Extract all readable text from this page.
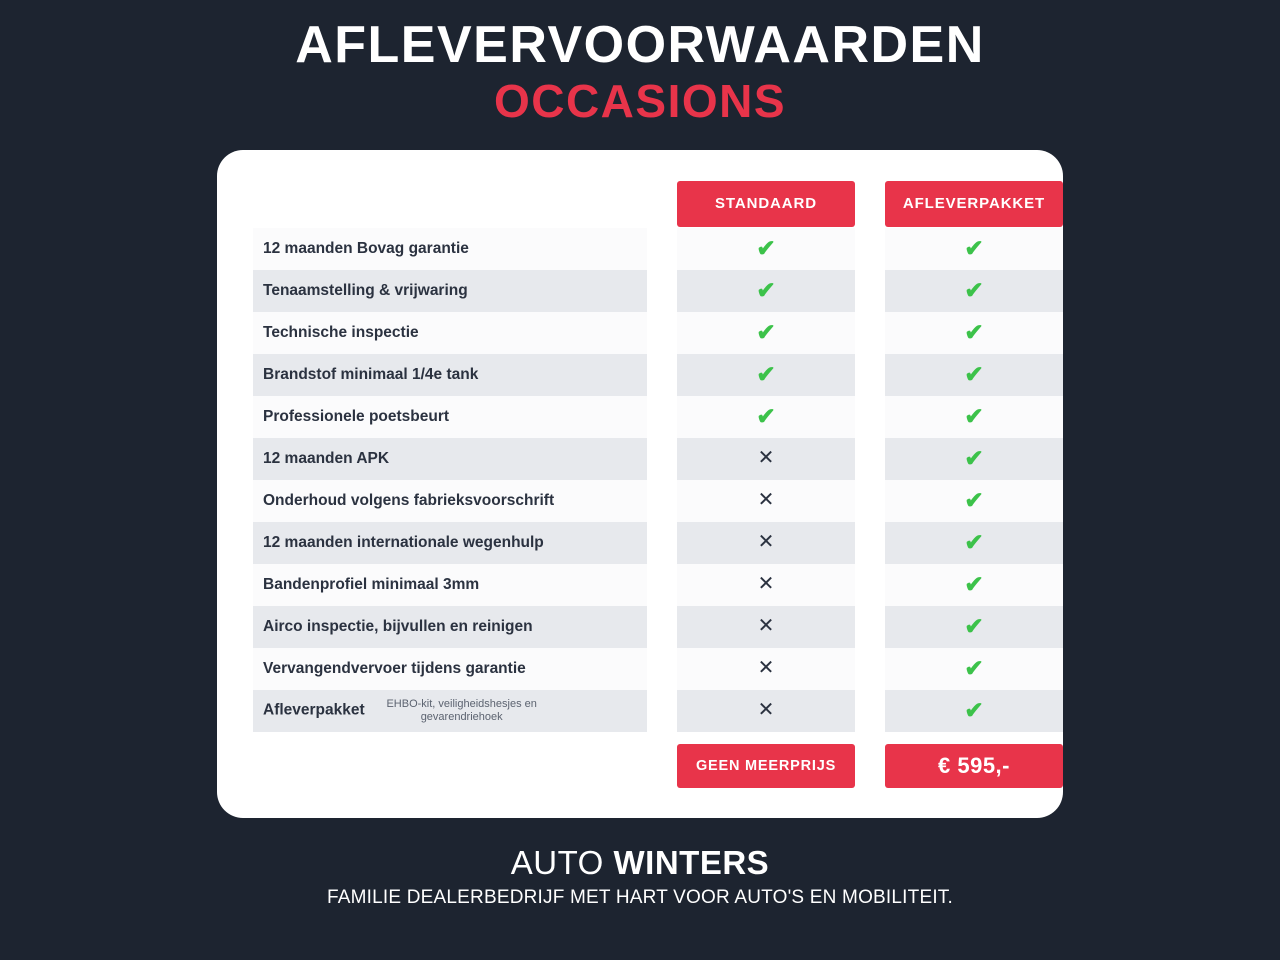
AFLEVERVOORWAARDEN
OCCASIONS

		STANDAARD		AFLEVERPAKKET

12 maanden Bovag garantie		✔		✔
Tenaamstelling & vrijwaring		✔		✔
Technische inspectie		✔		✔
Brandstof minimaal 1/4e tank		✔		✔
Professionele poetsbeurt		✔		✔
12 maanden APK		✕		✔
Onderhoud volgens fabrieksvoorschrift		✕		✔
12 maanden internationale wegenhulp		✕		✔
Bandenprofiel minimaal 3mm		✕		✔
Airco inspectie, bijvullen en reinigen		✕		✔
Vervangendvervoer tijdens garantie		✕		✔
Afleverpakket EHBO-kit, veiligheidshesjes en gevarendriehoek		✕		✔

		GEEN MEERPRIJS		€ 595,-
AUTO WINTERS
FAMILIE DEALERBEDRIJF MET HART VOOR AUTO'S EN MOBILITEIT.
